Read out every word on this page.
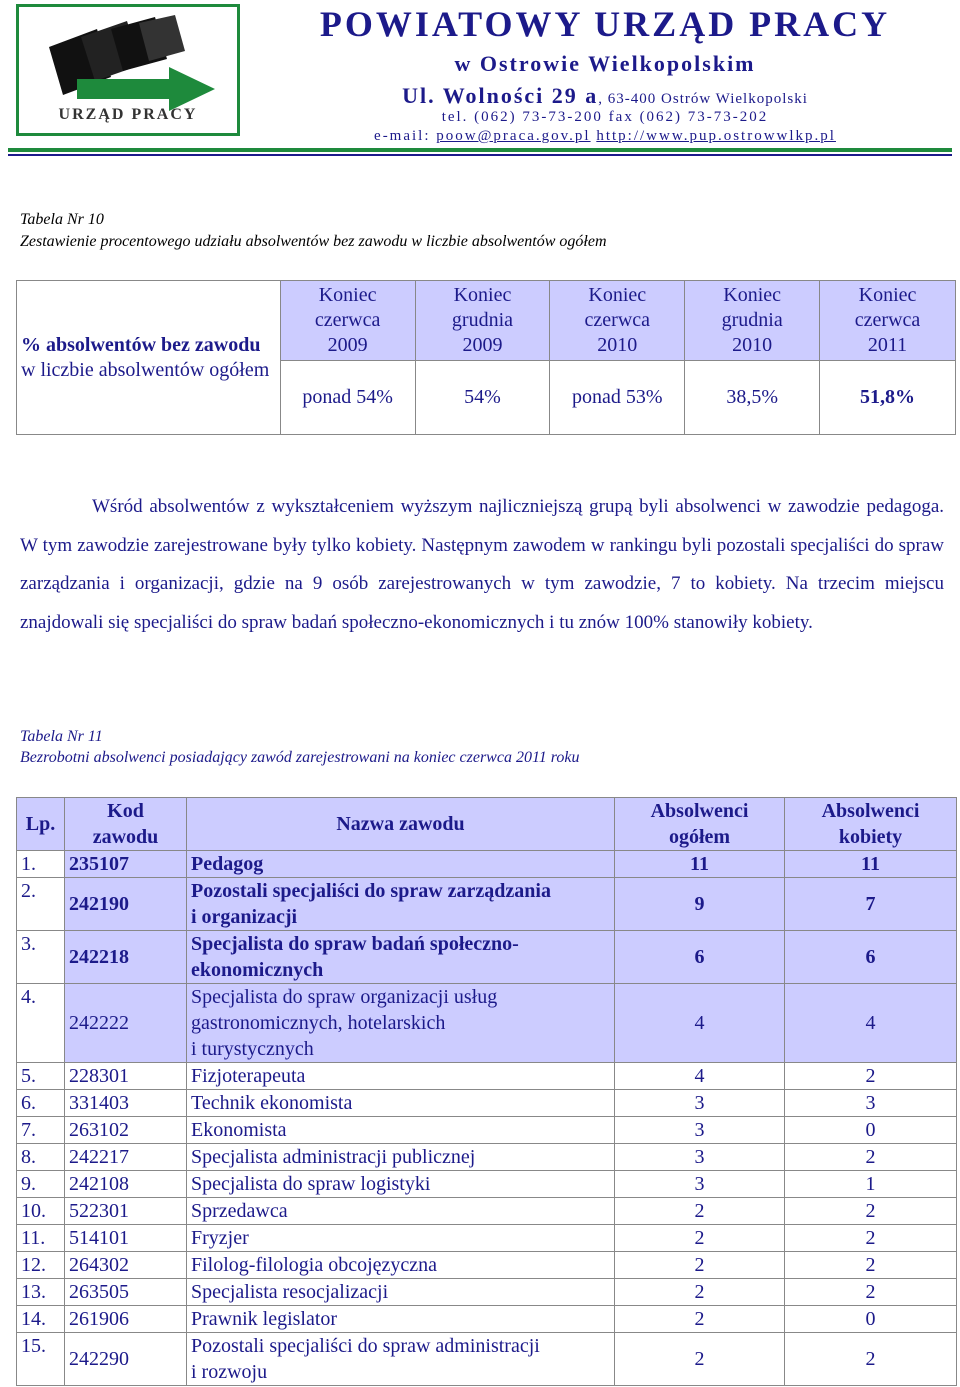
URZĄD PRACY
POWIATOWY URZĄD PRACY
w Ostrowie Wielkopolskim
Ul. Wolności 29 a, 63-400 Ostrów Wielkopolski
tel. (062) 73-73-200 fax (062) 73-73-202
e-mail: poow@praca.gov.pl http://www.pup.ostrowwlkp.pl
Tabela Nr 10
Zestawienie procentowego udziału absolwentów bez zawodu w liczbie absolwentów ogółem
% absolwentów bez zawodu w liczbie absolwentów ogółem	Koniec
czerwca
2009	Koniec
grudnia
2009	Koniec
czerwca
2010	Koniec
grudnia
2010	Koniec
czerwca
2011
	ponad 54%	54%	ponad 53%	38,5%	51,8%
Wśród absolwentów z wykształceniem wyższym najliczniejszą grupą byli absolwenci w zawodzie pedagoga. W tym zawodzie zarejestrowane były tylko kobiety. Następnym zawodem w rankingu byli pozostali specjaliści do spraw zarządzania i organizacji, gdzie na 9 osób zarejestrowanych w tym zawodzie, 7 to kobiety. Na trzecim miejscu znajdowali się specjaliści do spraw badań społeczno-ekonomicznych i tu znów 100% stanowiły kobiety.
Tabela Nr 11
Bezrobotni absolwenci posiadający zawód zarejestrowani na koniec czerwca 2011 roku
Lp.	Kod
zawodu	Nazwa zawodu	Absolwenci
ogółem	Absolwenci
kobiety
1.	235107	Pedagog	11	11
2.	242190	Pozostali specjaliści do spraw zarządzania
i organizacji	9	7
3.	242218	Specjalista do spraw badań społeczno-
ekonomicznych	6	6
4.	242222	Specjalista do spraw organizacji usług
gastronomicznych, hotelarskich
i turystycznych	4	4
5.	228301	Fizjoterapeuta	4	2
6.	331403	Technik ekonomista	3	3
7.	263102	Ekonomista	3	0
8.	242217	Specjalista administracji publicznej	3	2
9.	242108	Specjalista do spraw logistyki	3	1
10.	522301	Sprzedawca	2	2
11.	514101	Fryzjer	2	2
12.	264302	Filolog-filologia obcojęzyczna	2	2
13.	263505	Specjalista resocjalizacji	2	2
14.	261906	Prawnik legislator	2	0
15.	242290	Pozostali specjaliści do spraw administracji
i rozwoju	2	2
